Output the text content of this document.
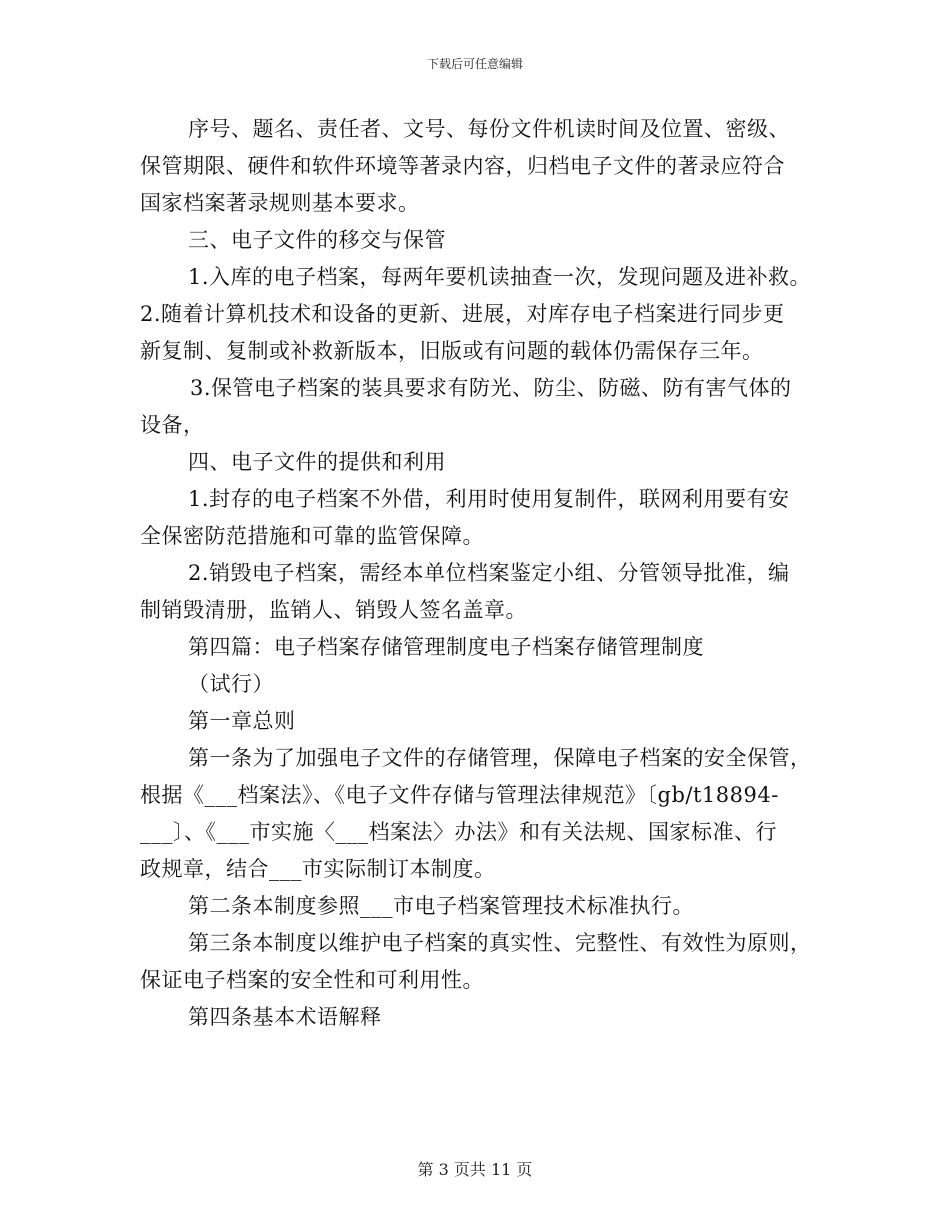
下载后可任意编辑
序号、题名、责任者、文号、每份文件机读时间及位置、密级、
保管期限、硬件和软件环境等著录内容，归档电子文件的著录应符合
国家档案著录规则基本要求。
三、电子文件的移交与保管
1.入库的电子档案，每两年要机读抽查一次，发现问题及进补救。
2.随着计算机技术和设备的更新、进展，对库存电子档案进行同步更
新复制、复制或补救新版本，旧版或有问题的载体仍需保存三年。
3.保管电子档案的装具要求有防光、防尘、防磁、防有害气体的
设备，
四、电子文件的提供和利用
1.封存的电子档案不外借，利用时使用复制件，联网利用要有安
全保密防范措施和可靠的监管保障。
2.销毁电子档案，需经本单位档案鉴定小组、分管领导批准，编
制销毁清册，监销人、销毁人签名盖章。
第四篇：电子档案存储管理制度电子档案存储管理制度
（试行）
第一章总则
第一条为了加强电子文件的存储管理，保障电子档案的安全保管，
根据《___档案法》、《电子文件存储与管理法律规范》〔gb/t18894-
___〕、《___市实施〈___档案法〉办法》和有关法规、国家标准、行
政规章，结合___市实际制订本制度。
第二条本制度参照___市电子档案管理技术标准执行。
第三条本制度以维护电子档案的真实性、完整性、有效性为原则，
保证电子档案的安全性和可利用性。
第四条基本术语解释
第 3 页共 11 页
